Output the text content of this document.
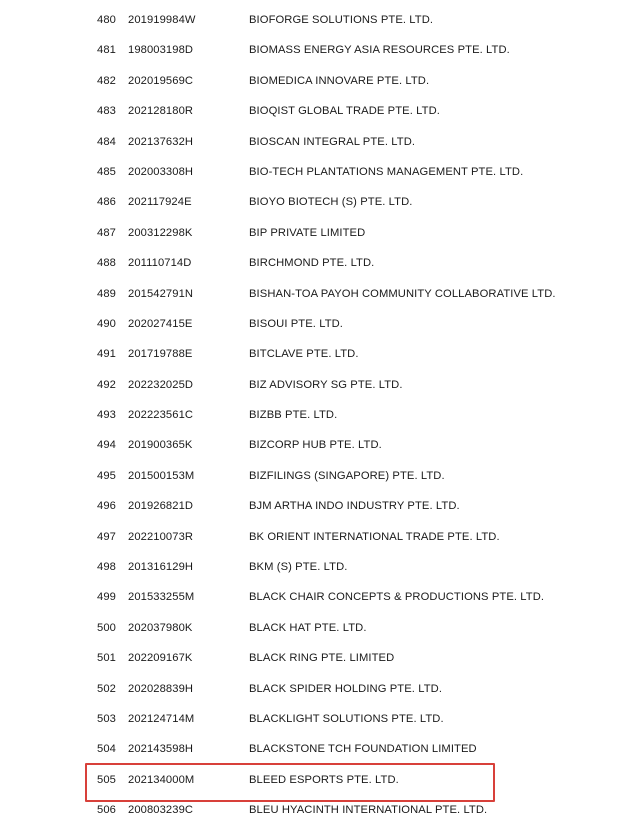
480 201919984W	BIOFORGE SOLUTIONS PTE. LTD.
481 198003198D	BIOMASS ENERGY ASIA RESOURCES PTE. LTD.
482 202019569C	BIOMEDICA INNOVARE PTE. LTD.
483 202128180R	BIOQIST GLOBAL TRADE PTE. LTD.
484 202137632H	BIOSCAN INTEGRAL PTE. LTD.
485 202003308H	BIO-TECH PLANTATIONS MANAGEMENT PTE. LTD.
486 202117924E	BIOYO BIOTECH (S) PTE. LTD.
487 200312298K	BIP PRIVATE LIMITED
488 201110714D	BIRCHMOND PTE. LTD.
489 201542791N	BISHAN-TOA PAYOH COMMUNITY COLLABORATIVE LTD.
490 202027415E	BISOUI PTE. LTD.
491 201719788E	BITCLAVE PTE. LTD.
492 202232025D	BIZ ADVISORY SG PTE. LTD.
493 202223561C	BIZBB PTE. LTD.
494 201900365K	BIZCORP HUB PTE. LTD.
495 201500153M	BIZFILINGS (SINGAPORE) PTE. LTD.
496 201926821D	BJM ARTHA INDO INDUSTRY PTE. LTD.
497 202210073R	BK ORIENT INTERNATIONAL TRADE PTE. LTD.
498 201316129H	BKM (S) PTE. LTD.
499 201533255M	BLACK CHAIR CONCEPTS & PRODUCTIONS PTE. LTD.
500 202037980K	BLACK HAT PTE. LTD.
501 202209167K	BLACK RING PTE. LIMITED
502 202028839H	BLACK SPIDER HOLDING PTE. LTD.
503 202124714M	BLACKLIGHT SOLUTIONS PTE. LTD.
504 202143598H	BLACKSTONE TCH FOUNDATION LIMITED
505 202134000M	BLEED ESPORTS PTE. LTD.
506 200803239C	BLEU HYACINTH INTERNATIONAL PTE. LTD.
